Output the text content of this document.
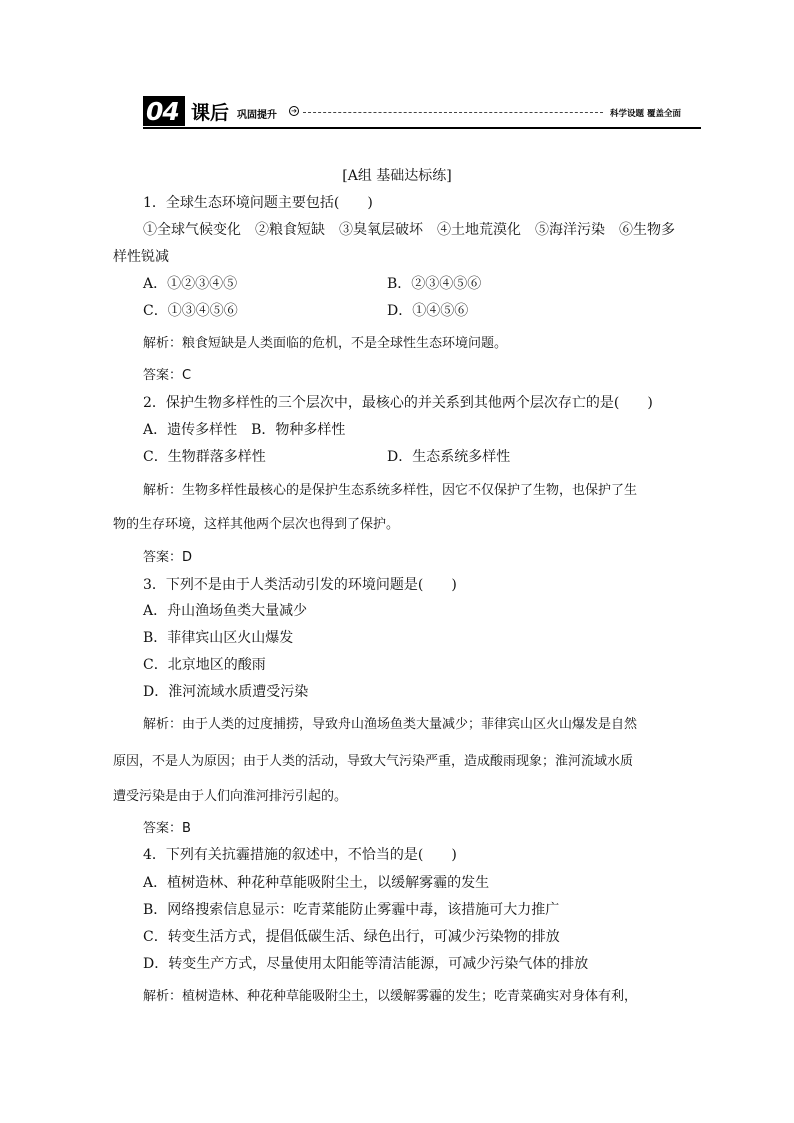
04 课后 巩固提升 ➔	科学设题 覆盖全面
[A组 基础达标练]
1．全球生态环境问题主要包括(　　)
①全球气候变化　②粮食短缺　③臭氧层破坏　④土地荒漠化　⑤海洋污染　⑥生物多
样性锐减
A．①②③④⑤	B．②③④⑤⑥
C．①③④⑤⑥	D．①④⑤⑥
解析：粮食短缺是人类面临的危机，不是全球性生态环境问题。
答案：C
2．保护生物多样性的三个层次中，最核心的并关系到其他两个层次存亡的是(　　)
A．遗传多样性　B．物种多样性
C．生物群落多样性	D．生态系统多样性
解析：生物多样性最核心的是保护生态系统多样性，因它不仅保护了生物，也保护了生
物的生存环境，这样其他两个层次也得到了保护。
答案：D
3．下列不是由于人类活动引发的环境问题是(　　)
A．舟山渔场鱼类大量减少
B．菲律宾山区火山爆发
C．北京地区的酸雨
D．淮河流域水质遭受污染
解析：由于人类的过度捕捞，导致舟山渔场鱼类大量减少；菲律宾山区火山爆发是自然
原因，不是人为原因；由于人类的活动，导致大气污染严重，造成酸雨现象；淮河流域水质
遭受污染是由于人们向淮河排污引起的。
答案：B
4．下列有关抗霾措施的叙述中，不恰当的是(　　)
A．植树造林、种花种草能吸附尘土，以缓解雾霾的发生
B．网络搜索信息显示：吃青菜能防止雾霾中毒，该措施可大力推广
C．转变生活方式，提倡低碳生活、绿色出行，可减少污染物的排放
D．转变生产方式，尽量使用太阳能等清洁能源，可减少污染气体的排放
解析：植树造林、种花种草能吸附尘土，以缓解雾霾的发生；吃青菜确实对身体有利，
